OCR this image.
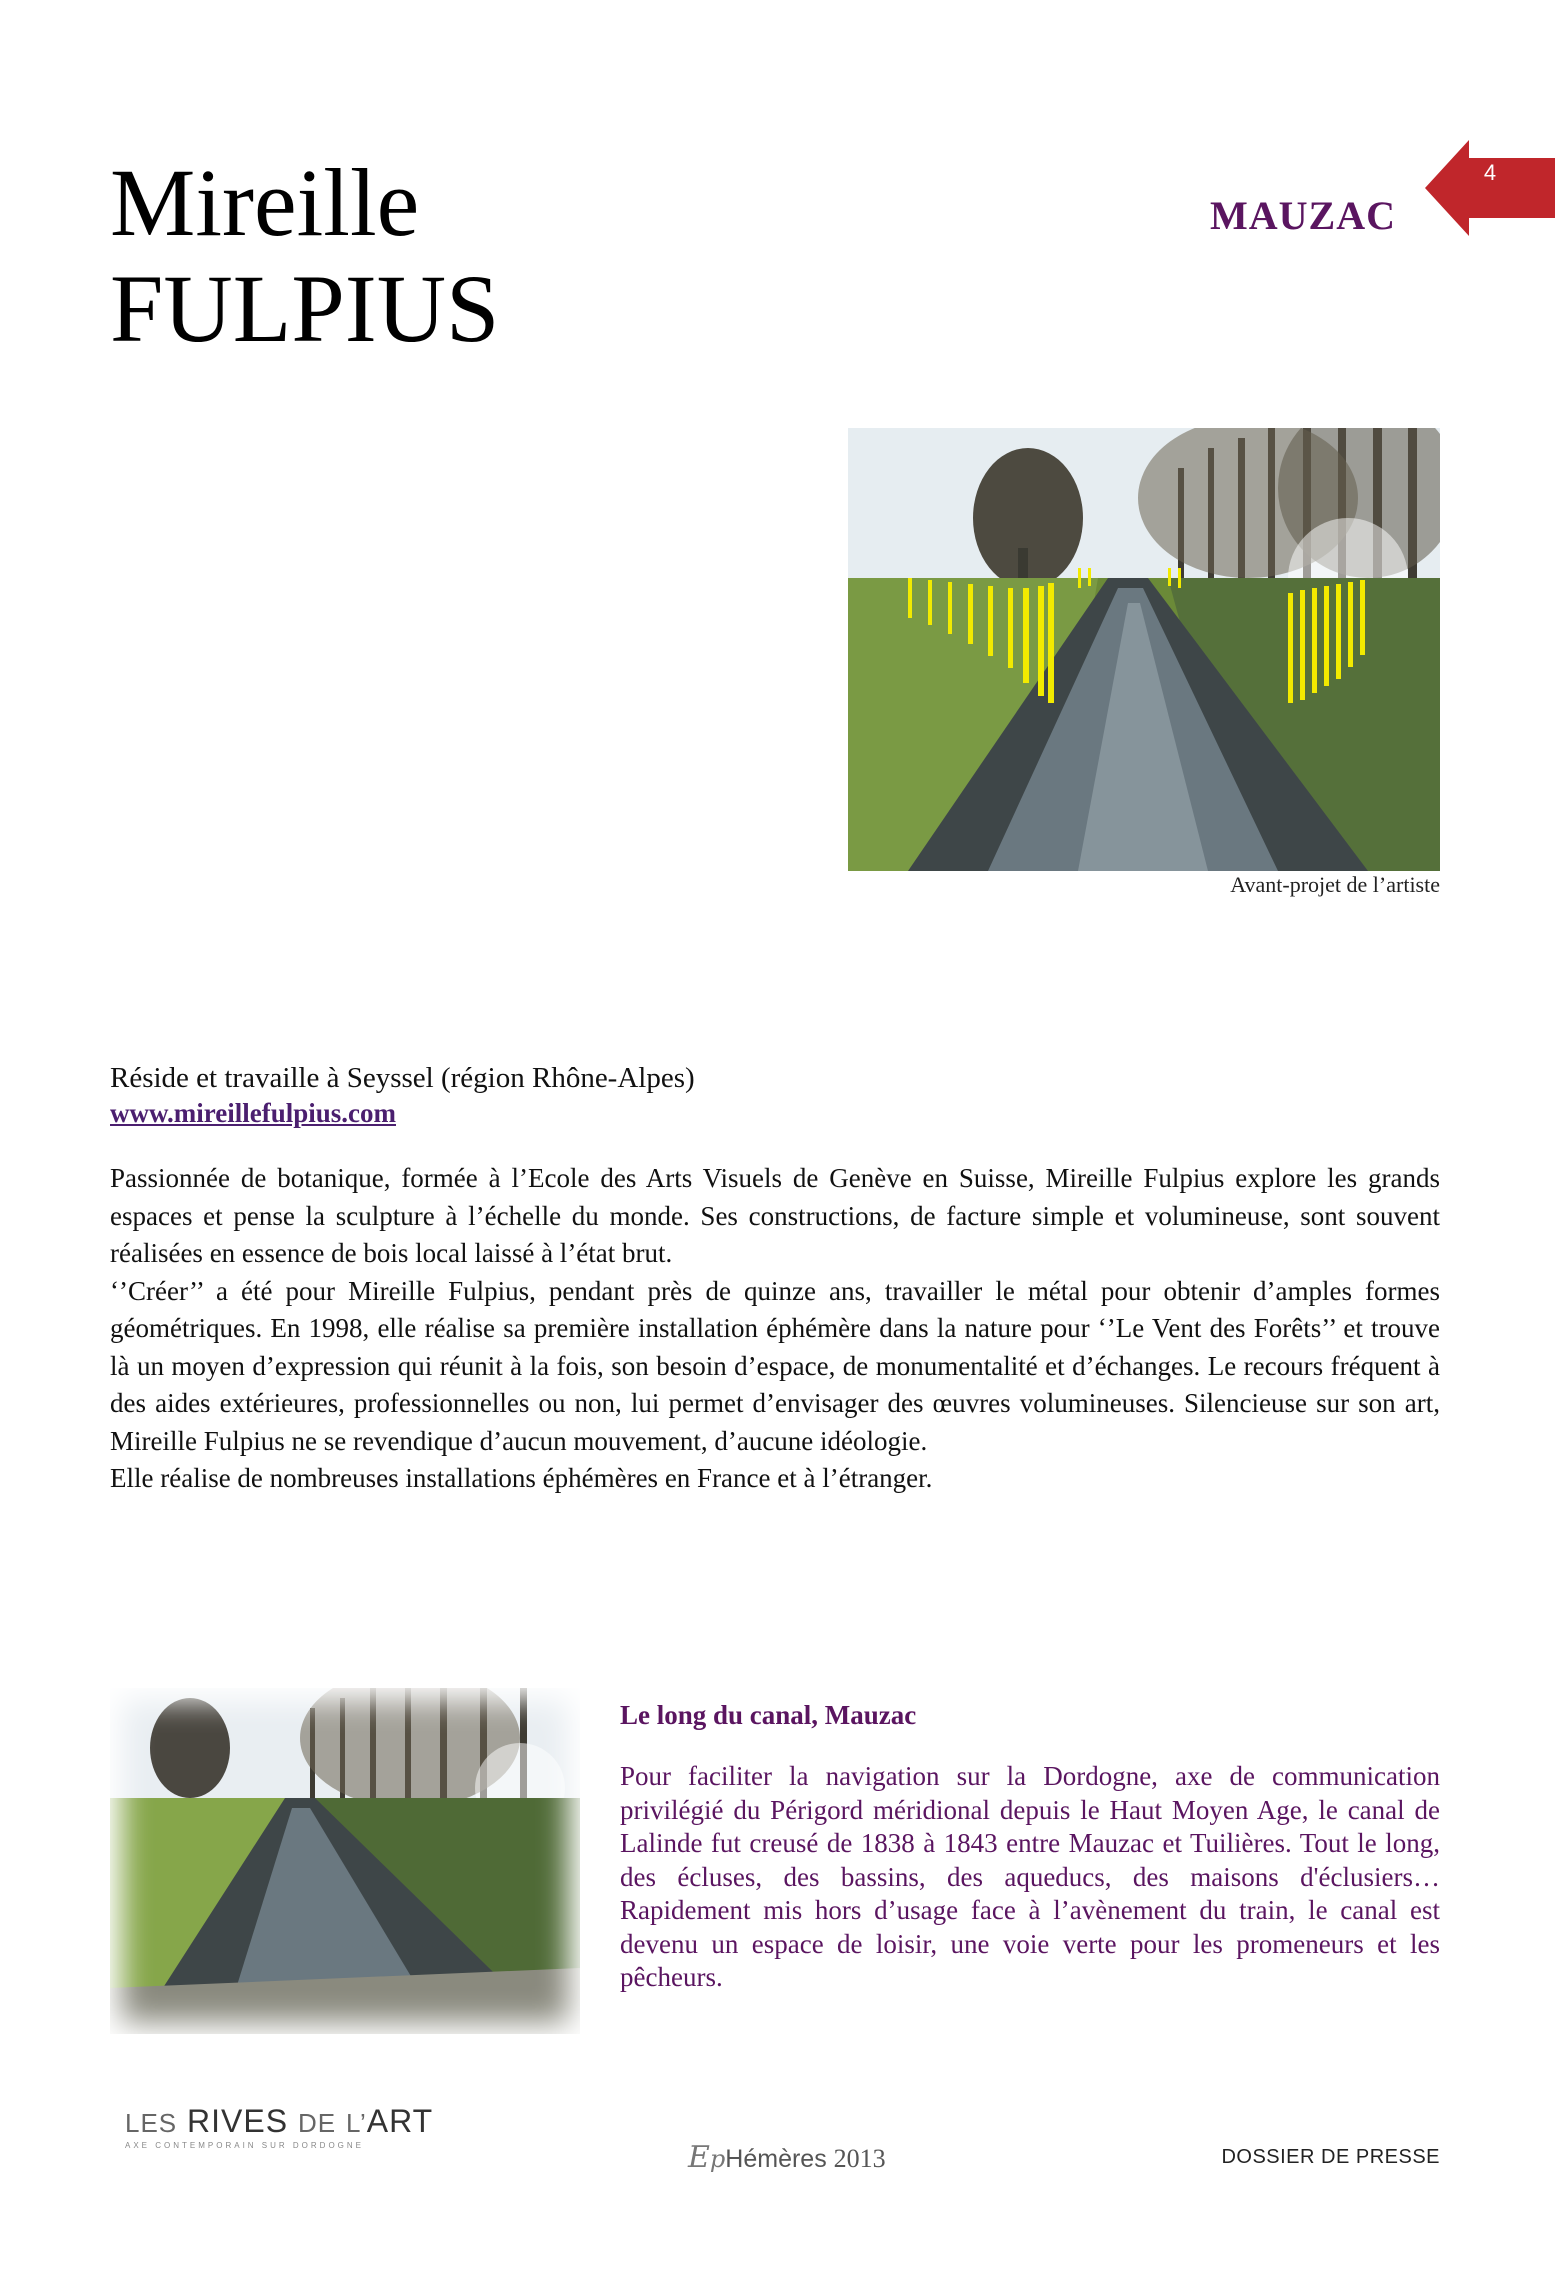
Mireille
FULPIUS
MAUZAC
4
Avant-projet de l’artiste
Réside et travaille à Seyssel (région Rhône-Alpes)
www.mireillefulpius.com

Passionnée de botanique, formée à l’Ecole des Arts Visuels de Genève en Suisse, Mireille Fulpius explore les grands espaces et pense la sculpture à l’échelle du monde. Ses constructions, de facture simple et volumineuse, sont souvent réalisées en essence de bois local laissé à l’état brut.

‘’Créer’’ a été pour Mireille Fulpius, pendant près de quinze ans, travailler le métal pour obtenir d’amples formes géométriques. En 1998, elle réalise sa première installation éphémère dans la nature pour ‘’Le Vent des Forêts’’ et trouve là un moyen d’expression qui réunit à la fois, son besoin d’espace, de monumentalité et d’échanges. Le recours fréquent à des aides extérieures, professionnelles ou non, lui permet d’envisager des œuvres volumineuses. Silencieuse sur son art, Mireille Fulpius ne se revendique d’aucun mouvement, d’aucune idéologie.

Elle réalise de nombreuses installations éphémères en France et à l’étranger.

Le long du canal, Mauzac
Pour faciliter la navigation sur la Dordogne, axe de communication privilégié du Périgord méridional depuis le Haut Moyen Age, le canal de Lalinde fut creusé de 1838 à 1843 entre Mauzac et Tuilières. Tout le long, des écluses, des bassins, des aqueducs, des maisons d'éclusiers… Rapidement mis hors d’usage face à l’avènement du train, le canal est devenu un espace de loisir, une voie verte pour les promeneurs et les pêcheurs.
LES RIVES DE L’ART
AXE CONTEMPORAIN SUR DORDOGNE	EpHémères 2013	DOSSIER DE PRESSE
